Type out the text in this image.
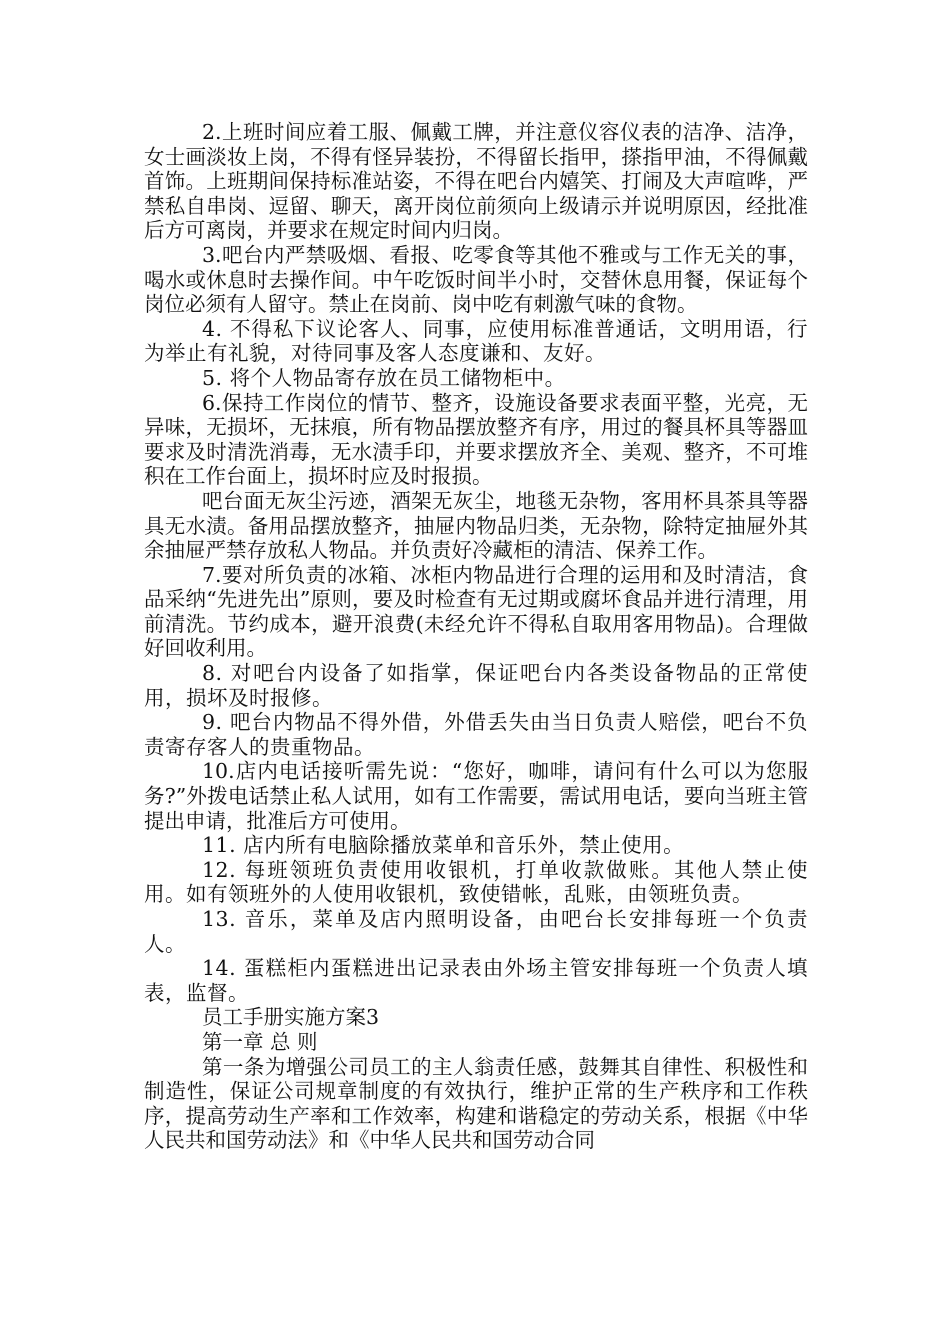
2.上班时间应着工服、佩戴工牌，并注意仪容仪表的洁净、洁净，女士画淡妆上岗，不得有怪异装扮，不得留长指甲，搽指甲油，不得佩戴首饰。上班期间保持标准站姿，不得在吧台内嬉笑、打闹及大声喧哗，严禁私自串岗、逗留、聊天，离开岗位前须向上级请示并说明原因，经批准后方可离岗，并要求在规定时间内归岗。

3.吧台内严禁吸烟、看报、吃零食等其他不雅或与工作无关的事，喝水或休息时去操作间。中午吃饭时间半小时，交替休息用餐，保证每个岗位必须有人留守。禁止在岗前、岗中吃有刺激气味的食物。

4. 不得私下议论客人、同事，应使用标准普通话，文明用语，行为举止有礼貌，对待同事及客人态度谦和、友好。

5. 将个人物品寄存放在员工储物柜中。

6.保持工作岗位的情节、整齐，设施设备要求表面平整，光亮，无异味，无损坏，无抹痕，所有物品摆放整齐有序，用过的餐具杯具等器皿要求及时清洗消毒，无水渍手印，并要求摆放齐全、美观、整齐，不可堆积在工作台面上，损坏时应及时报损。

吧台面无灰尘污迹，酒架无灰尘，地毯无杂物，客用杯具茶具等器具无水渍。备用品摆放整齐，抽屉内物品归类，无杂物，除特定抽屉外其余抽屉严禁存放私人物品。并负责好冷藏柜的清洁、保养工作。

7.要对所负责的冰箱、冰柜内物品进行合理的运用和及时清洁，食品采纳“先进先出”原则，要及时检查有无过期或腐坏食品并进行清理，用前清洗。节约成本，避开浪费(未经允许不得私自取用客用物品)。合理做好回收利用。

8. 对吧台内设备了如指掌，保证吧台内各类设备物品的正常使用，损坏及时报修。

9. 吧台内物品不得外借，外借丢失由当日负责人赔偿，吧台不负责寄存客人的贵重物品。

10.店内电话接听需先说：“您好，咖啡，请问有什么可以为您服务?”外拨电话禁止私人试用，如有工作需要，需试用电话，要向当班主管提出申请，批准后方可使用。

11. 店内所有电脑除播放菜单和音乐外，禁止使用。

12. 每班领班负责使用收银机，打单收款做账。其他人禁止使用。如有领班外的人使用收银机，致使错帐，乱账，由领班负责。

13. 音乐，菜单及店内照明设备，由吧台长安排每班一个负责人。

14. 蛋糕柜内蛋糕进出记录表由外场主管安排每班一个负责人填表，监督。

员工手册实施方案3

第一章 总 则

第一条为增强公司员工的主人翁责任感，鼓舞其自律性、积极性和制造性，保证公司规章制度的有效执行，维护正常的生产秩序和工作秩序，提高劳动生产率和工作效率，构建和谐稳定的劳动关系，根据《中华人民共和国劳动法》和《中华人民共和国劳动合同
